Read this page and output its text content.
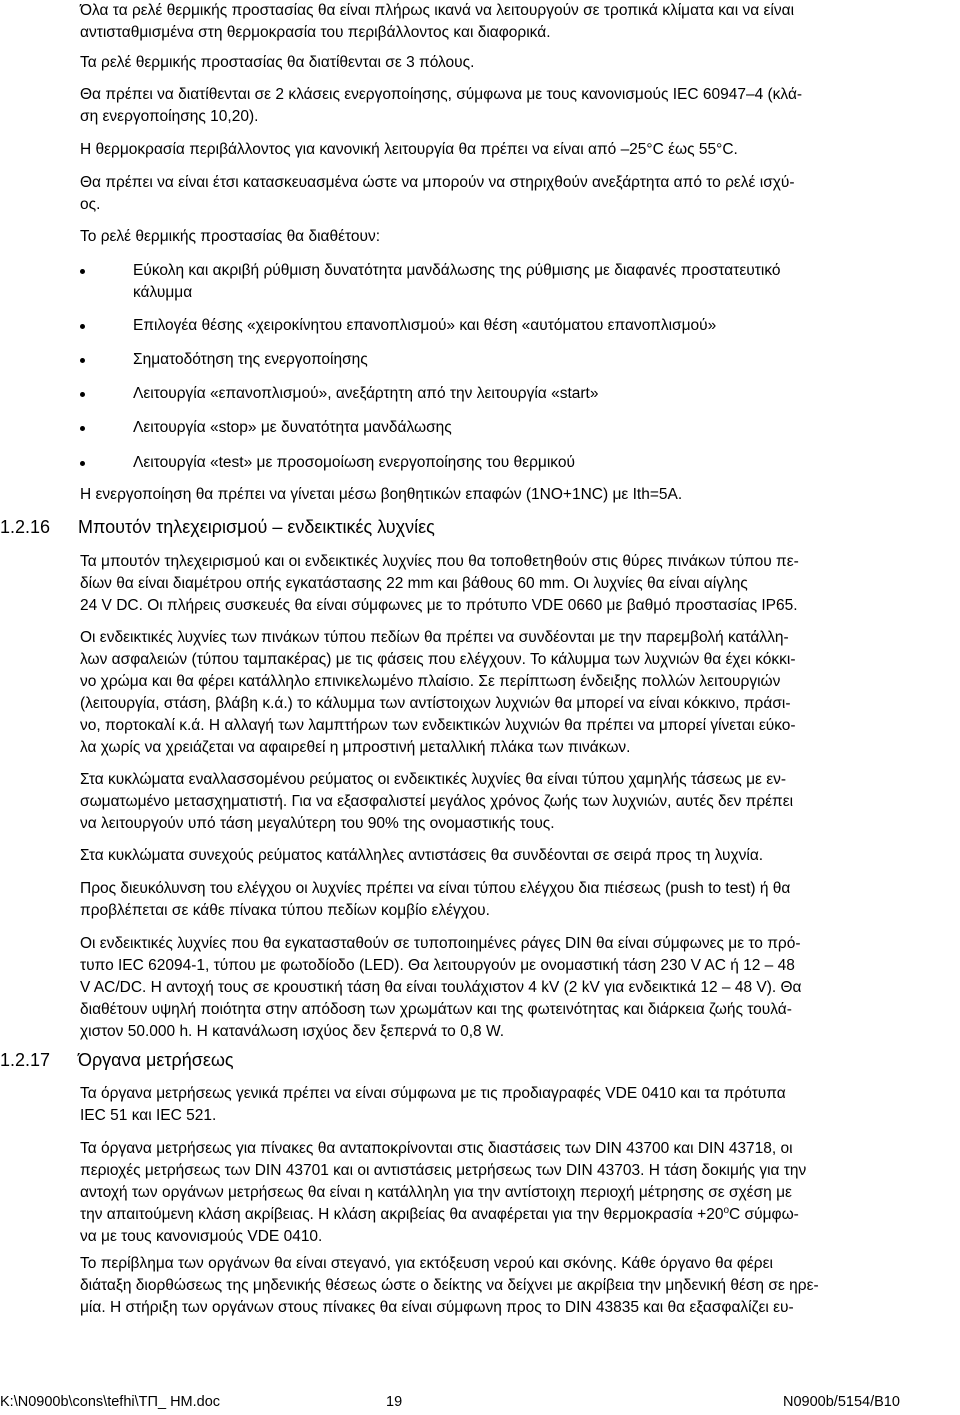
Όλα τα ρελέ θερμικής προστασίας θα είναι πλήρως ικανά να λειτουργούν σε τροπικά κλίματα και να είναι
αντισταθμισμένα στη θερμοκρασία του περιβάλλοντος και διαφορικά.
Τα ρελέ θερμικής προστασίας θα διατίθενται σε 3 πόλους.
Θα πρέπει να διατίθενται σε 2 κλάσεις ενεργοποίησης, σύμφωνα με τους κανονισμούς IEC 60947–4 (κλά-
ση ενεργοποίησης 10,20).
Η θερμοκρασία περιβάλλοντος για κανονική λειτουργία θα πρέπει να είναι από –25°C έως 55°C.
Θα πρέπει να είναι έτσι κατασκευασμένα ώστε να μπορούν να στηριχθούν ανεξάρτητα από το ρελέ ισχύ-
ος.
Το ρελέ θερμικής προστασίας θα διαθέτουν:
Εύκολη και ακριβή ρύθμιση δυνατότητα μανδάλωσης της ρύθμισης με διαφανές προστατευτικό
κάλυμμα
Επιλογέα θέσης «χειροκίνητου επανοπλισμού» και θέση «αυτόματου επανοπλισμού»
Σηματοδότηση της ενεργοποίησης
Λειτουργία «επανοπλισμού», ανεξάρτητη από την λειτουργία «start»
Λειτουργία «stop» με δυνατότητα μανδάλωσης
Λειτουργία «test» με προσομοίωση ενεργοποίησης του θερμικού
Η ενεργοποίηση θα πρέπει να γίνεται μέσω βοηθητικών επαφών (1NO+1NC) με Ith=5A.
1.2.16 Μπουτόν τηλεχειρισμού – ενδεικτικές λυχνίες
Τα μπουτόν τηλεχειρισμού και οι ενδεικτικές λυχνίες που θα τοποθετηθούν στις θύρες πινάκων τύπου πε-
δίων θα είναι διαμέτρου οπής εγκατάστασης 22 mm και βάθους 60 mm. Οι λυχνίες θα είναι αίγλης
24 V DC. Οι πλήρεις συσκευές θα είναι σύμφωνες με το πρότυπο VDE 0660 με βαθμό προστασίας IP65.
Οι ενδεικτικές λυχνίες των πινάκων τύπου πεδίων θα πρέπει να συνδέονται με την παρεμβολή κατάλλη-
λων ασφαλειών (τύπου ταμπακέρας) με τις φάσεις που ελέγχουν. Το κάλυμμα των λυχνιών θα έχει κόκκι-
νο χρώμα και θα φέρει κατάλληλο επινικελωμένο πλαίσιο. Σε περίπτωση ένδειξης πολλών λειτουργιών
(λειτουργία, στάση, βλάβη κ.ά.) το κάλυμμα των αντίστοιχων λυχνιών θα μπορεί να είναι κόκκινο, πράσι-
νο, πορτοκαλί κ.ά. Η αλλαγή των λαμπτήρων των ενδεικτικών λυχνιών θα πρέπει να μπορεί γίνεται εύκο-
λα χωρίς να χρειάζεται να αφαιρεθεί η μπροστινή μεταλλική πλάκα των πινάκων.
Στα κυκλώματα εναλλασσομένου ρεύματος οι ενδεικτικές λυχνίες θα είναι τύπου χαμηλής τάσεως με εν-
σωματωμένο μετασχηματιστή. Για να εξασφαλιστεί μεγάλος χρόνος ζωής των λυχνιών, αυτές δεν πρέπει
να λειτουργούν υπό τάση μεγαλύτερη του 90% της ονομαστικής τους.
Στα κυκλώματα συνεχούς ρεύματος κατάλληλες αντιστάσεις θα συνδέονται σε σειρά προς τη λυχνία.
Προς διευκόλυνση του ελέγχου οι λυχνίες πρέπει να είναι τύπου ελέγχου δια πιέσεως (push to test) ή θα
προβλέπεται σε κάθε πίνακα τύπου πεδίων κομβίο ελέγχου.
Οι ενδεικτικές λυχνίες που θα εγκατασταθούν σε τυποποιημένες ράγες DIN θα είναι σύμφωνες με το πρό-
τυπο IEC 62094-1, τύπου με φωτοδίοδο (LED). Θα λειτουργούν με ονομαστική τάση 230 V AC ή 12 – 48
V AC/DC. Η αντοχή τους σε κρουστική τάση θα είναι τουλάχιστον 4 kV (2 kV για ενδεικτικά 12 – 48 V). Θα
διαθέτουν υψηλή ποιότητα στην απόδοση των χρωμάτων και της φωτεινότητας και διάρκεια ζωής τουλά-
χιστον 50.000 h. Η κατανάλωση ισχύος δεν ξεπερνά το 0,8 W.
1.2.17 Όργανα μετρήσεως
Τα όργανα μετρήσεως γενικά πρέπει να είναι σύμφωνα με τις προδιαγραφές VDE 0410 και τα πρότυπα
IEC 51 και IEC 521.
Τα όργανα μετρήσεως για πίνακες θα ανταποκρίνονται στις διαστάσεις των DIN 43700 και DIN 43718, οι
περιοχές μετρήσεως των DIN 43701 και οι αντιστάσεις μετρήσεως των DIN 43703. Η τάση δοκιμής για την
αντοχή των οργάνων μετρήσεως θα είναι η κατάλληλη για την αντίστοιχη περιοχή μέτρησης σε σχέση με
την απαιτούμενη κλάση ακρίβειας. Η κλάση ακριβείας θα αναφέρεται για την $\theta\varepsilon\rho\mu o\kappa\rho\alpha\sigma ί\alpha +20^oC$ σύμφω-
να με τους κανονισμούς VDE 0410.
Το περίβλημα των οργάνων θα είναι στεγανό, για εκτόξευση νερού και σκόνης. Κάθε όργανο θα φέρει
διάταξη διορθώσεως της μηδενικής θέσεως ώστε ο δείκτης να δείχνει με ακρίβεια την μηδενική θέση σε ηρε-
μία. Η στήριξη των οργάνων στους πίνακες θα είναι σύμφωνη προς το DIN 43835 και θα εξασφαλίζει ευ-
K:\N0900b\cons\tefhi\ΤΠ_ ΗΜ.doc	19	N0900b/5154/B10
